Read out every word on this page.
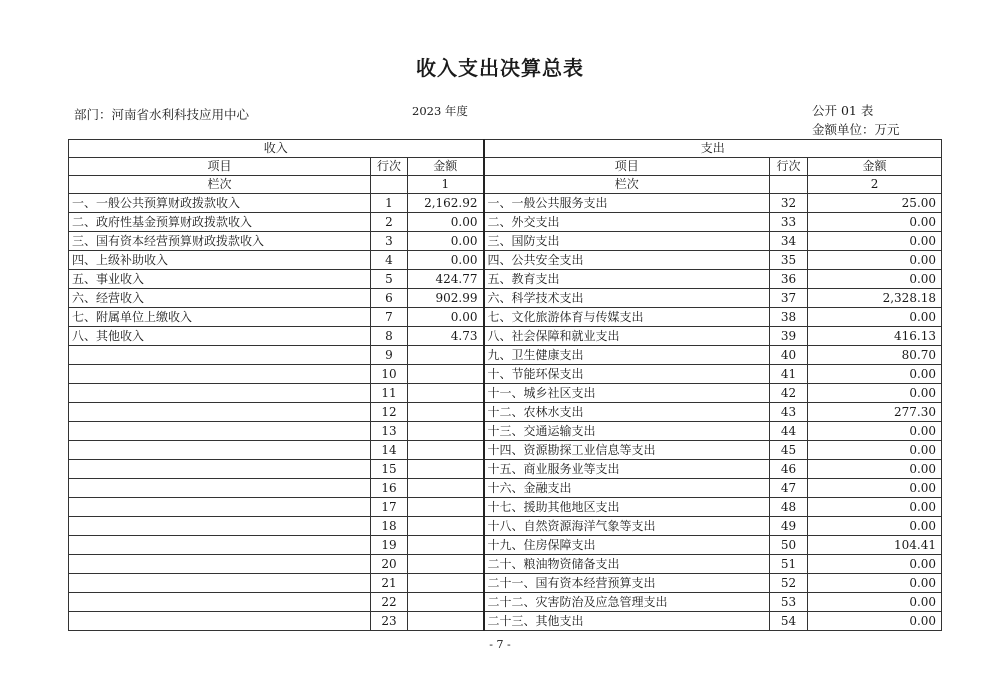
收入支出决算总表
部门：河南省水利科技应用中心	2023 年度	公开 01 表
金额单位：万元
收入			支出		
项目	行次	金额	项目	行次	金额
栏次		1	栏次		2
一、一般公共预算财政拨款收入	1	2,162.92	一、一般公共服务支出	32	25.00
二、政府性基金预算财政拨款收入	2	0.00	二、外交支出	33	0.00
三、国有资本经营预算财政拨款收入	3	0.00	三、国防支出	34	0.00
四、上级补助收入	4	0.00	四、公共安全支出	35	0.00
五、事业收入	5	424.77	五、教育支出	36	0.00
六、经营收入	6	902.99	六、科学技术支出	37	2,328.18
七、附属单位上缴收入	7	0.00	七、文化旅游体育与传媒支出	38	0.00
八、其他收入	8	4.73	八、社会保障和就业支出	39	416.13
	9		九、卫生健康支出	40	80.70
	10		十、节能环保支出	41	0.00
	11		十一、城乡社区支出	42	0.00
	12		十二、农林水支出	43	277.30
	13		十三、交通运输支出	44	0.00
	14		十四、资源勘探工业信息等支出	45	0.00
	15		十五、商业服务业等支出	46	0.00
	16		十六、金融支出	47	0.00
	17		十七、援助其他地区支出	48	0.00
	18		十八、自然资源海洋气象等支出	49	0.00
	19		十九、住房保障支出	50	104.41
	20		二十、粮油物资储备支出	51	0.00
	21		二十一、国有资本经营预算支出	52	0.00
	22		二十二、灾害防治及应急管理支出	53	0.00
	23		二十三、其他支出	54	0.00
- 7 -
